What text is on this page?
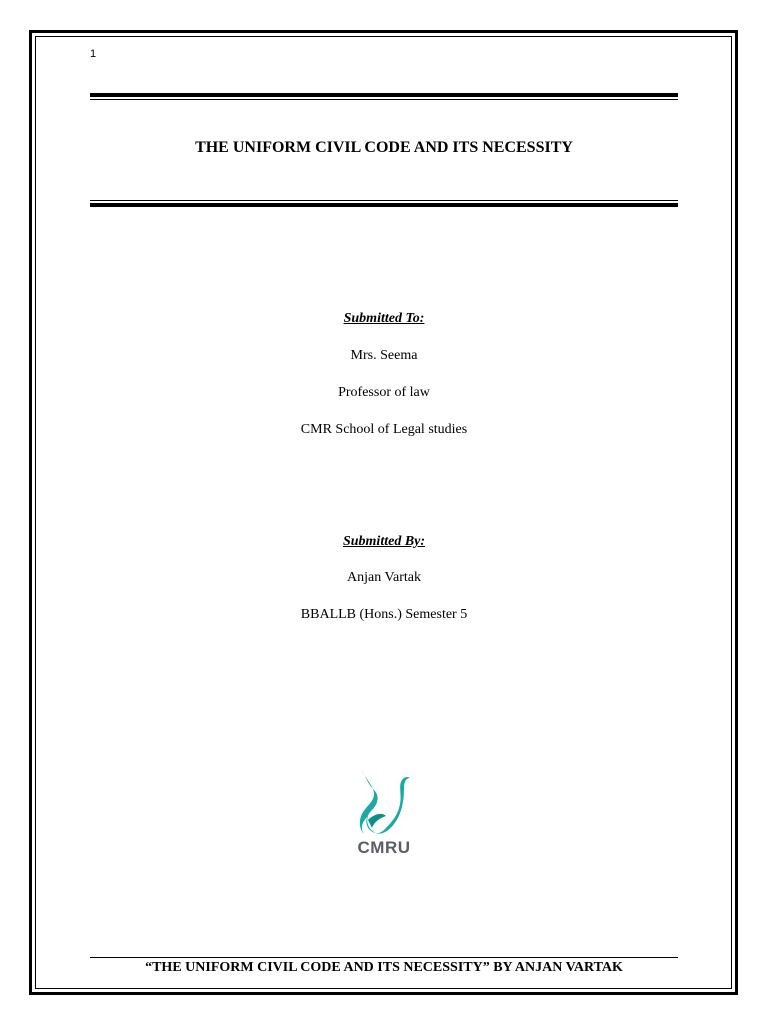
1
THE UNIFORM CIVIL CODE AND ITS NECESSITY
Submitted To:
Mrs. Seema
Professor of law
CMR School of Legal studies
Submitted By:
Anjan Vartak
BBALLB (Hons.) Semester 5
CMRU
“THE UNIFORM CIVIL CODE AND ITS NECESSITY” BY ANJAN VARTAK
